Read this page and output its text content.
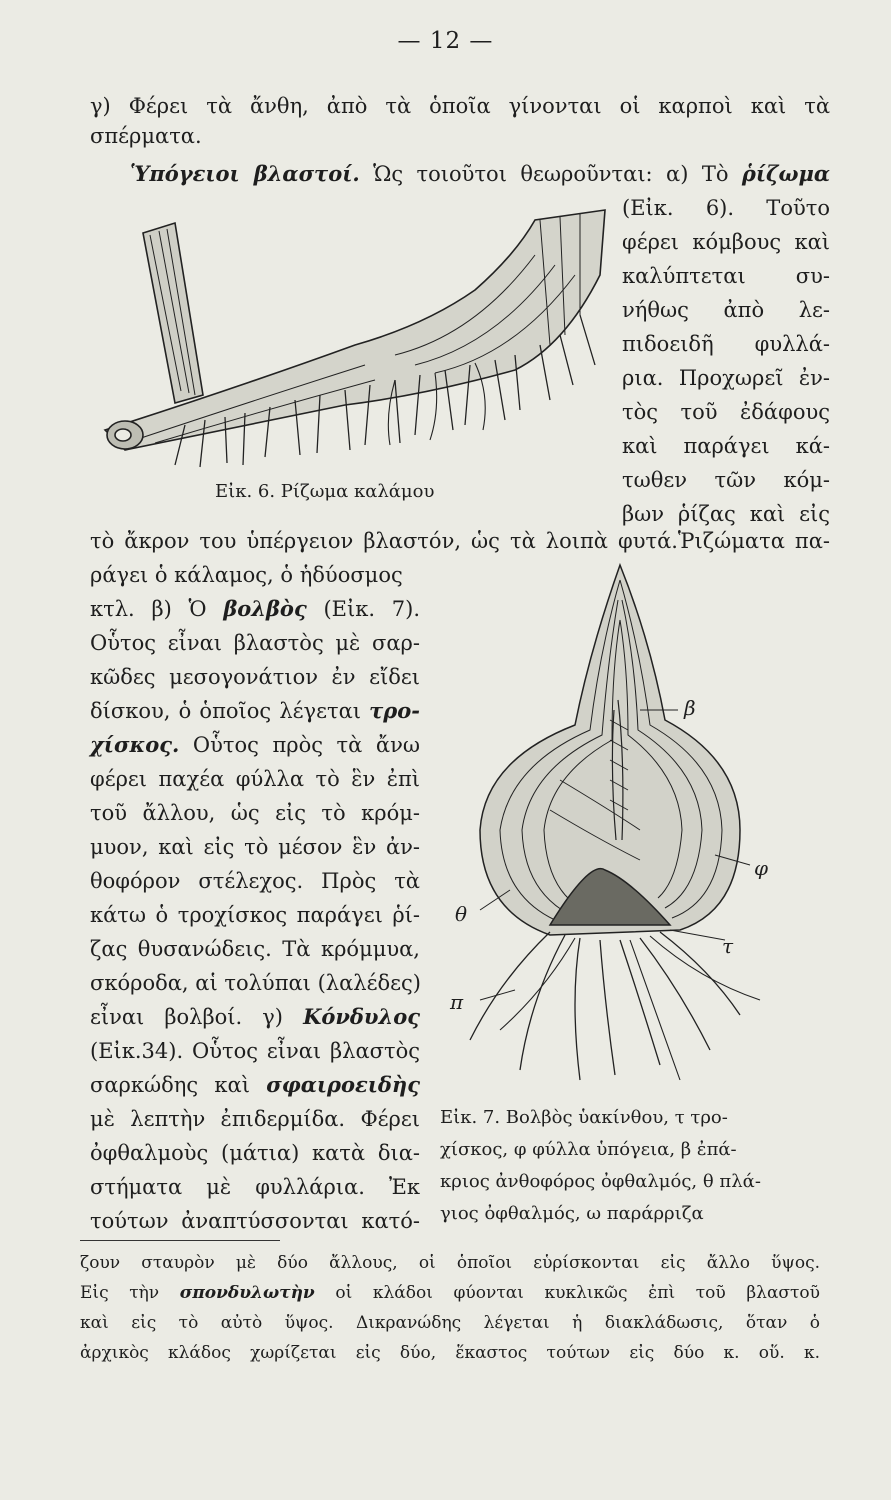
— 12 —
γ) Φέρει τὰ ἄνθη, ἀπὸ τὰ ὁποῖα γίνονται οἱ καρποὶ καὶ τὰ
σπέρματα.
Ὑπόγειοι βλαστοί. Ὡς τοιοῦτοι θεωροῦνται: α) Τὸ ῥίζωμα
(Εἰκ. 6). Τοῦτο
φέρει κόμβους καὶ
καλύπτεται συ-
νήθως ἀπὸ λε-
πιδοειδῆ φυλλά-
ρια. Προχωρεῖ ἐν-
τὸς τοῦ ἐδάφους
καὶ παράγει κά-
τωθεν τῶν κόμ-
βων ῥίζας καὶ εἰς
Εἰκ. 6. Ρίζωμα καλάμου
τὸ ἄκρον του ὑπέργειον βλαστόν, ὡς τὰ λοιπὰ φυτά.Ῥιζώματα πα-
ράγει ὁ κάλαμος, ὁ ἡδύοσμος
κτλ. β) Ὁ βολβὸς (Εἰκ. 7).
Οὗτος εἶναι βλαστὸς μὲ σαρ-
κῶδες μεσογονάτιον ἐν εἴδει
δίσκου, ὁ ὁποῖος λέγεται τρο-
χίσκος. Οὗτος πρὸς τὰ ἄνω
φέρει παχέα φύλλα τὸ ἓν ἐπὶ
τοῦ ἄλλου, ὡς εἰς τὸ κρόμ-
μυον, καὶ εἰς τὸ μέσον ἓν ἀν-
θοφόρον στέλεχος. Πρὸς τὰ
κάτω ὁ τροχίσκος παράγει ῥί-
ζας θυσανώδεις. Τὰ κρόμμυα,
σκόροδα, αἱ τολύπαι (λαλέδες)
εἶναι βολβοί. γ) Κόνδυλος
(Εἰκ.34). Οὗτος εἶναι βλαστὸς
σαρκώδης καὶ σφαιροειδὴς
μὲ λεπτὴν ἐπιδερμίδα. Φέρει
ὀφθαλμοὺς (μάτια) κατὰ δια-
στήματα μὲ φυλλάρια. Ἐκ
τούτων ἀναπτύσσονται κατό-
β
φ
θ
τ
π
Εἰκ. 7. Βολβὸς ὑακίνθου, τ τρο-
χίσκος, φ φύλλα ὑπόγεια, β ἐπά-
κριος ἀνθοφόρος ὀφθαλμός, θ πλά-
γιος ὀφθαλμός, ω παράρριζα
ζουν σταυρὸν μὲ δύο ἄλλους, οἱ ὁποῖοι εὑρίσκονται εἰς ἄλλο ὕψος.
Εἰς τὴν σπονδυλωτὴν οἱ κλάδοι φύονται κυκλικῶς ἐπὶ τοῦ βλαστοῦ
καὶ εἰς τὸ αὐτὸ ὕψος. Δικρανώδης λέγεται ἡ διακλάδωσις, ὅταν ὁ
ἀρχικὸς κλάδος χωρίζεται εἰς δύο, ἕκαστος τούτων εἰς δύο κ. οὕ. κ.
